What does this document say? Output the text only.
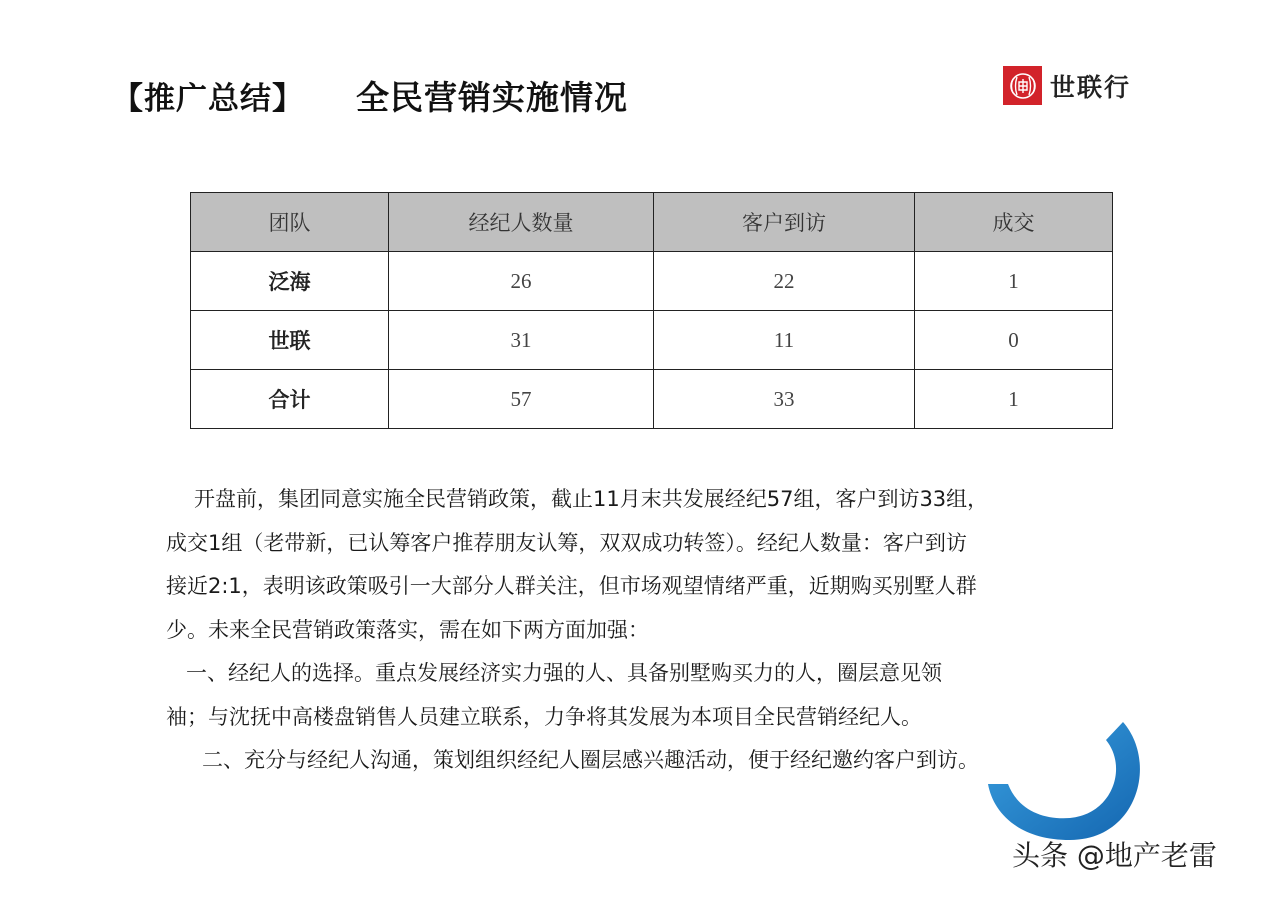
【推广总结】 全民营销实施情况	世联行
团队	经纪人数量	客户到访	成交
泛海	26	22	1
世联	31	11	0
合计	57	33	1

开盘前，集团同意实施全民营销政策，截止11月末共发展经纪57组，客户到访33组，

成交1组（老带新，已认筹客户推荐朋友认筹，双双成功转签）。经纪人数量：客户到访

接近2:1，表明该政策吸引一大部分人群关注，但市场观望情绪严重，近期购买别墅人群

少。未来全民营销政策落实，需在如下两方面加强：

一、经纪人的选择。重点发展经济实力强的人、具备别墅购买力的人，圈层意见领

袖；与沈抚中高楼盘销售人员建立联系，力争将其发展为本项目全民营销经纪人。

二、充分与经纪人沟通，策划组织经纪人圈层感兴趣活动，便于经纪邀约客户到访。

头条 @地产老雷
